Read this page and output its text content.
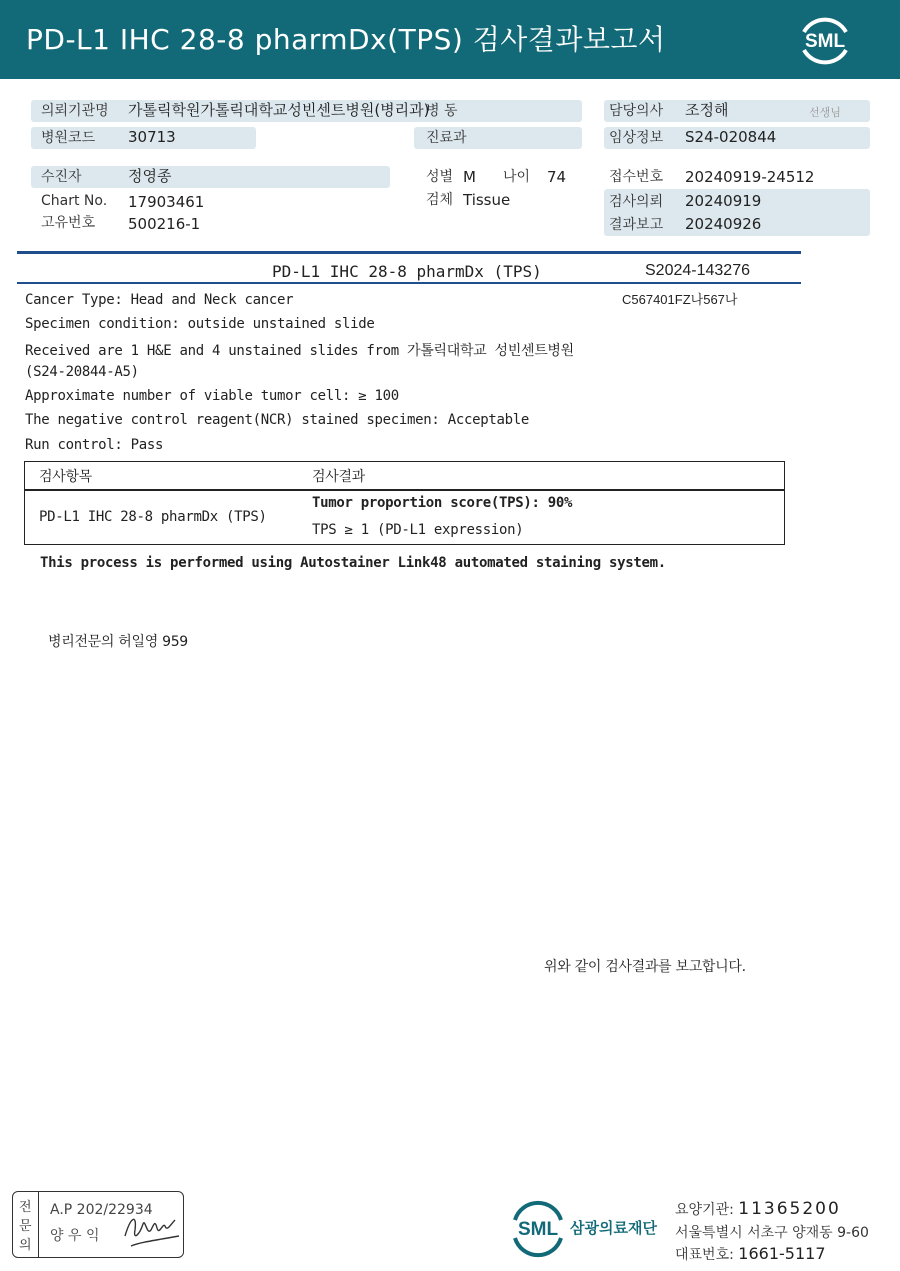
PD-L1 IHC 28-8 pharmDx(TPS) 검사결과보고서	SML
의뢰기관명 가톨릭학원가톨릭대학교성빈센트병원(병리과)
병 동	담당의사 조정해	선생님
병원코드 30713	진료과	임상정보 S24-020844
수진자	정영종	성별 M 나이 74	접수번호 20240919-24512
Chart No. 17903461	검체 Tissue	검사의뢰 20240919
고유번호 500216-1	결과보고 20240926
PD-L1 IHC 28-8 pharmDx (TPS)	S2024-143276
C567401FZ나567나
Cancer Type: Head and Neck cancer
Specimen condition: outside unstained slide
Received are 1 H&E and 4 unstained slides from 가톨릭대학교 성빈센트병원
(S24-20844-A5)
Approximate number of viable tumor cell: ≥ 100
The negative control reagent(NCR) stained specimen: Acceptable
Run control: Pass
검사항목	검사결과
PD-L1 IHC 28-8 pharmDx (TPS)
Tumor proportion score(TPS): 90%
TPS ≥ 1 (PD-L1 expression)
This process is performed using Autostainer Link48 automated staining system.
병리전문의 허일영 959
위와 같이 검사결과를 보고합니다.
전
문
의
A.P 202/22934
양 우 익	SML 삼광의료재단
요양기관: 11365200
서울특별시 서초구 양재동 9-60
대표번호: 1661-5117
